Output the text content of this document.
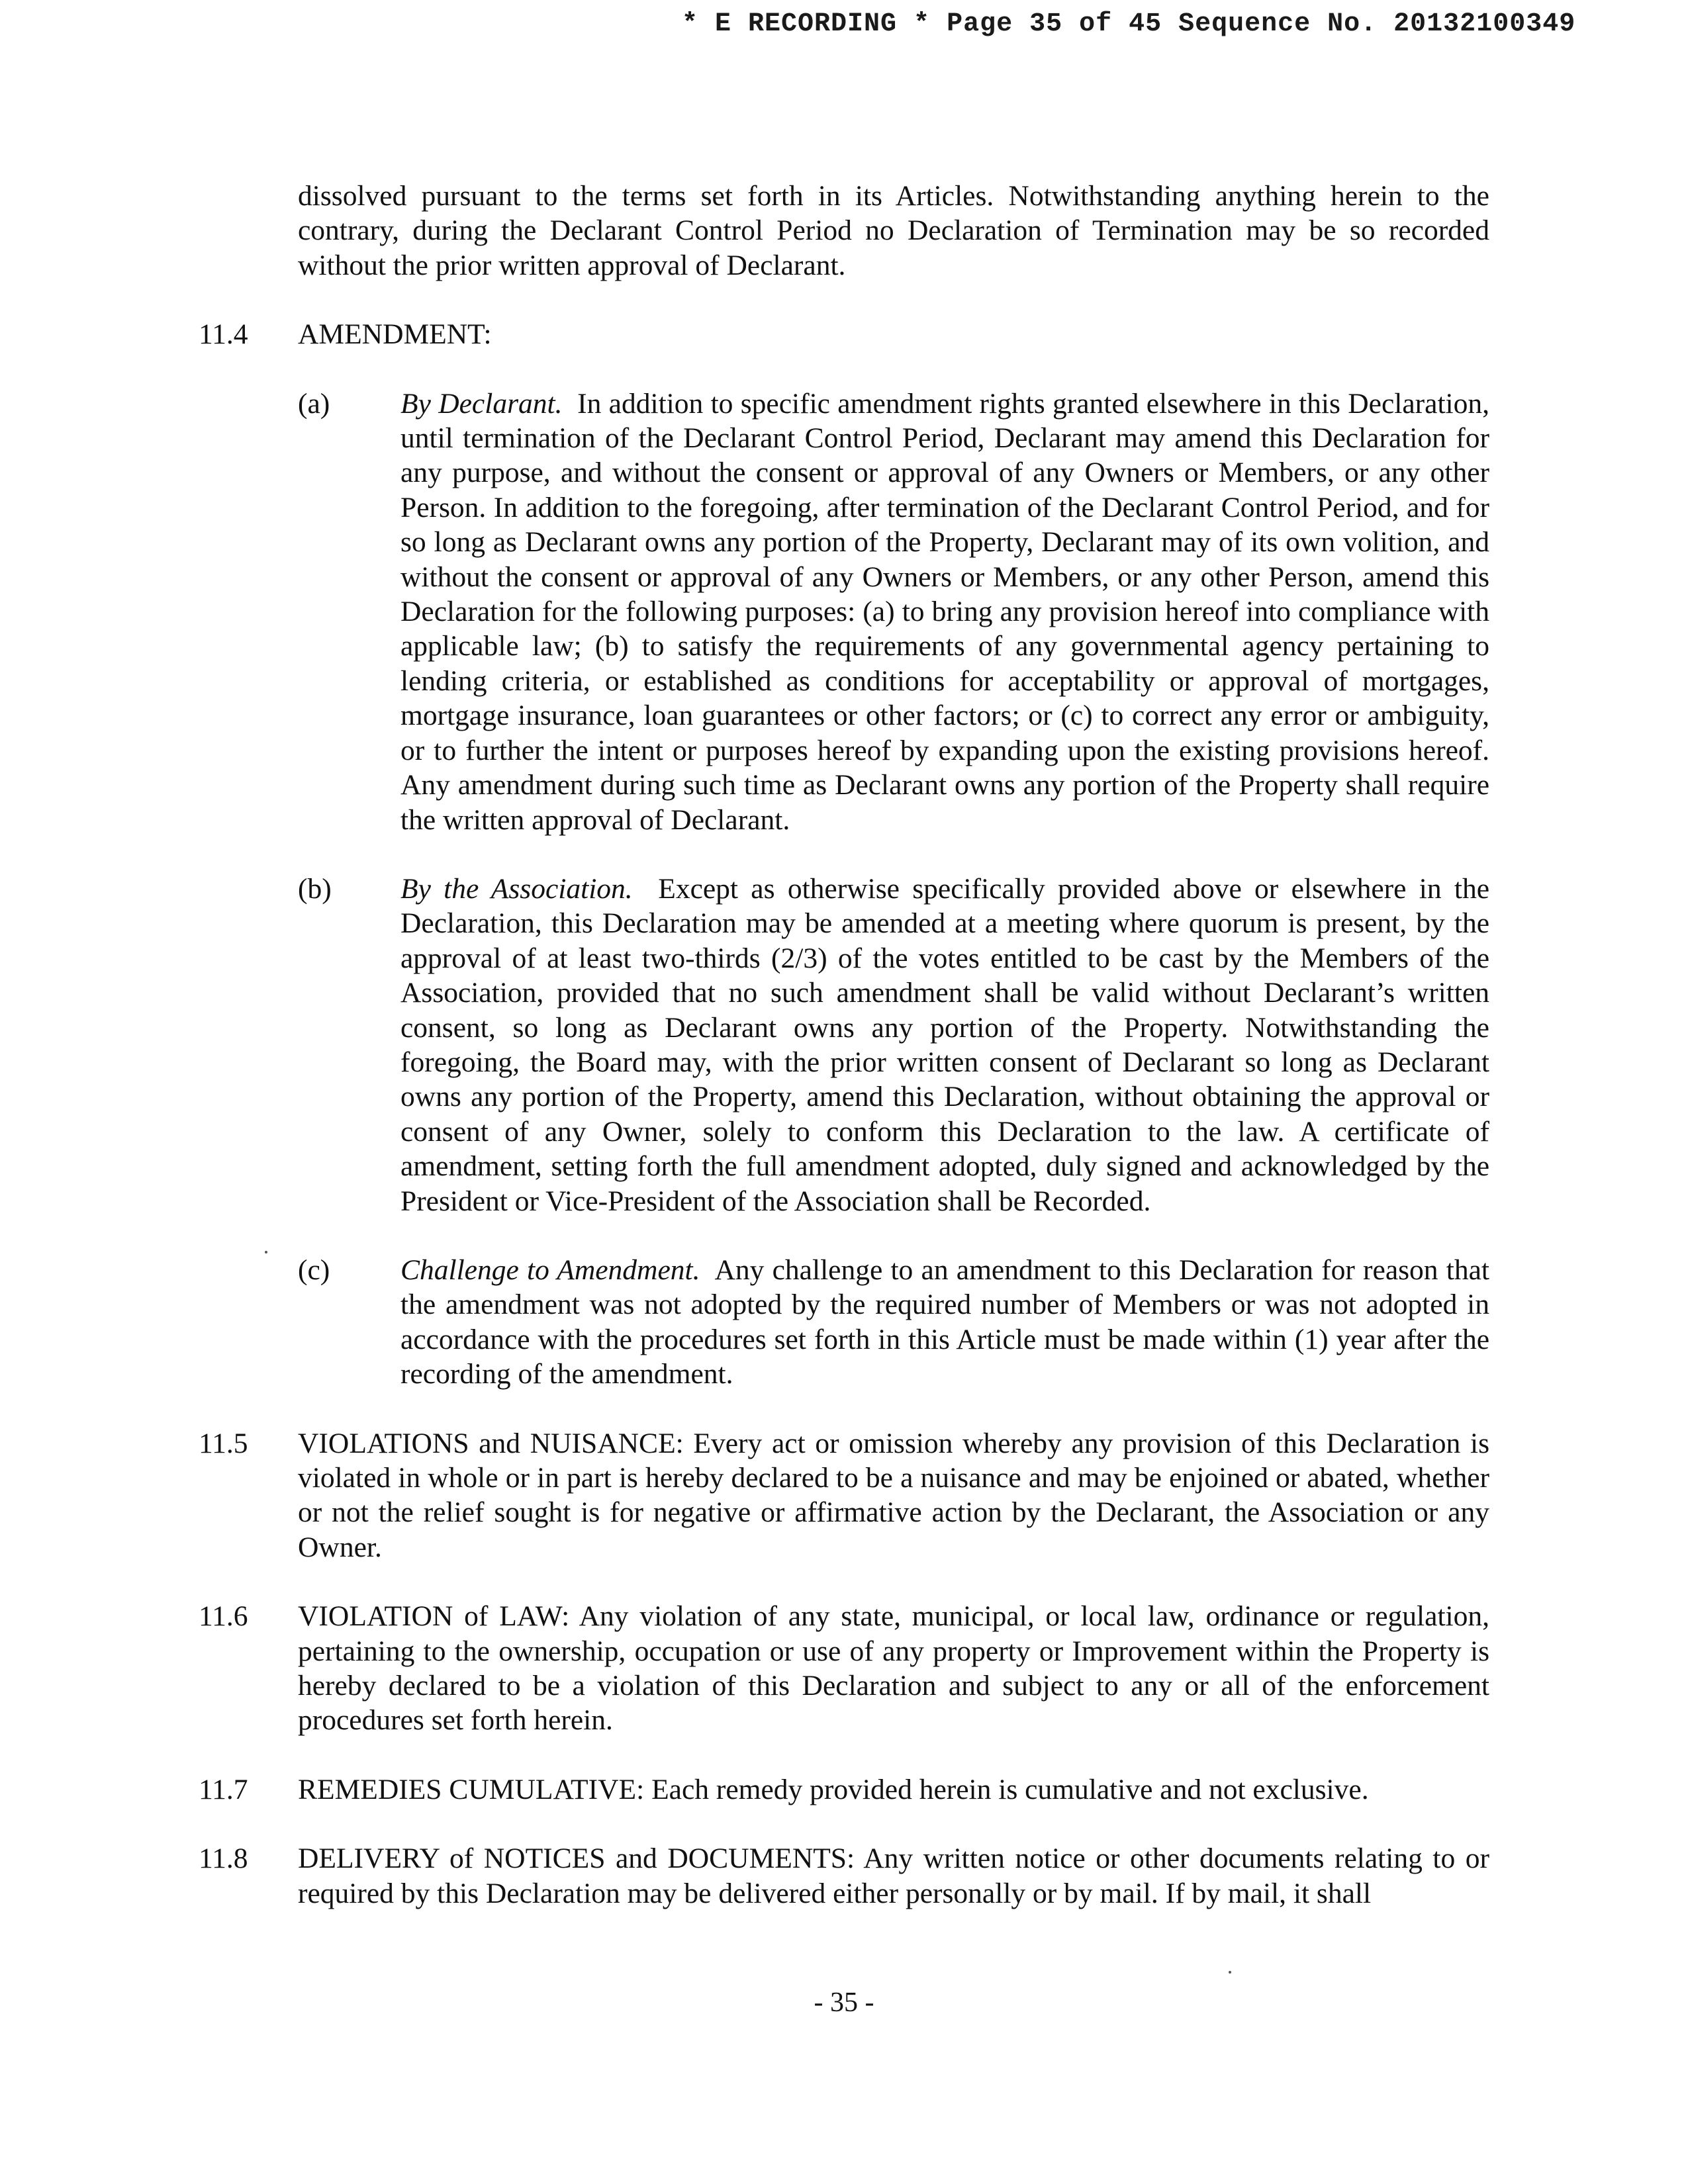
* E RECORDING * Page 35 of 45 Sequence No. 20132100349

dissolved pursuant to the terms set forth in its Articles. Notwithstanding anything herein to the contrary, during the Declarant Control Period no Declaration of Termination may be so recorded without the prior written approval of Declarant.

11.4	AMENDMENT:
(a) By Declarant. In addition to specific amendment rights granted elsewhere in this Declaration, until termination of the Declarant Control Period, Declarant may amend this Declaration for any purpose, and without the consent or approval of any Owners or Members, or any other Person. In addition to the foregoing, after termination of the Declarant Control Period, and for so long as Declarant owns any portion of the Property, Declarant may of its own volition, and without the consent or approval of any Owners or Members, or any other Person, amend this Declaration for the following purposes: (a) to bring any provision hereof into compliance with applicable law; (b) to satisfy the requirements of any governmental agency pertaining to lending criteria, or established as conditions for acceptability or approval of mortgages, mortgage insurance, loan guarantees or other factors; or (c) to correct any error or ambiguity, or to further the intent or purposes hereof by expanding upon the existing provisions hereof. Any amendment during such time as Declarant owns any portion of the Property shall require the written approval of Declarant.
(b) By the Association. Except as otherwise specifically provided above or elsewhere in the Declaration, this Declaration may be amended at a meeting where quorum is present, by the approval of at least two-thirds (2/3) of the votes entitled to be cast by the Members of the Association, provided that no such amendment shall be valid without Declarant’s written consent, so long as Declarant owns any portion of the Property. Notwithstanding the foregoing, the Board may, with the prior written consent of Declarant so long as Declarant owns any portion of the Property, amend this Declaration, without obtaining the approval or consent of any Owner, solely to conform this Declaration to the law. A certificate of amendment, setting forth the full amendment adopted, duly signed and acknowledged by the President or Vice-President of the Association shall be Recorded.
(c) Challenge to Amendment. Any challenge to an amendment to this Declaration for reason that the amendment was not adopted by the required number of Members or was not adopted in accordance with the procedures set forth in this Article must be made within (1) year after the recording of the amendment.
11.5	VIOLATIONS and NUISANCE: Every act or omission whereby any provision of this Declaration is violated in whole or in part is hereby declared to be a nuisance and may be enjoined or abated, whether or not the relief sought is for negative or affirmative action by the Declarant, the Association or any Owner.
11.6	VIOLATION of LAW: Any violation of any state, municipal, or local law, ordinance or regulation, pertaining to the ownership, occupation or use of any property or Improvement within the Property is hereby declared to be a violation of this Declaration and subject to any or all of the enforcement procedures set forth herein.
11.7	REMEDIES CUMULATIVE: Each remedy provided herein is cumulative and not exclusive.
11.8	DELIVERY of NOTICES and DOCUMENTS: Any written notice or other documents relating to or required by this Declaration may be delivered either personally or by mail. If by mail, it shall
- 35 -
